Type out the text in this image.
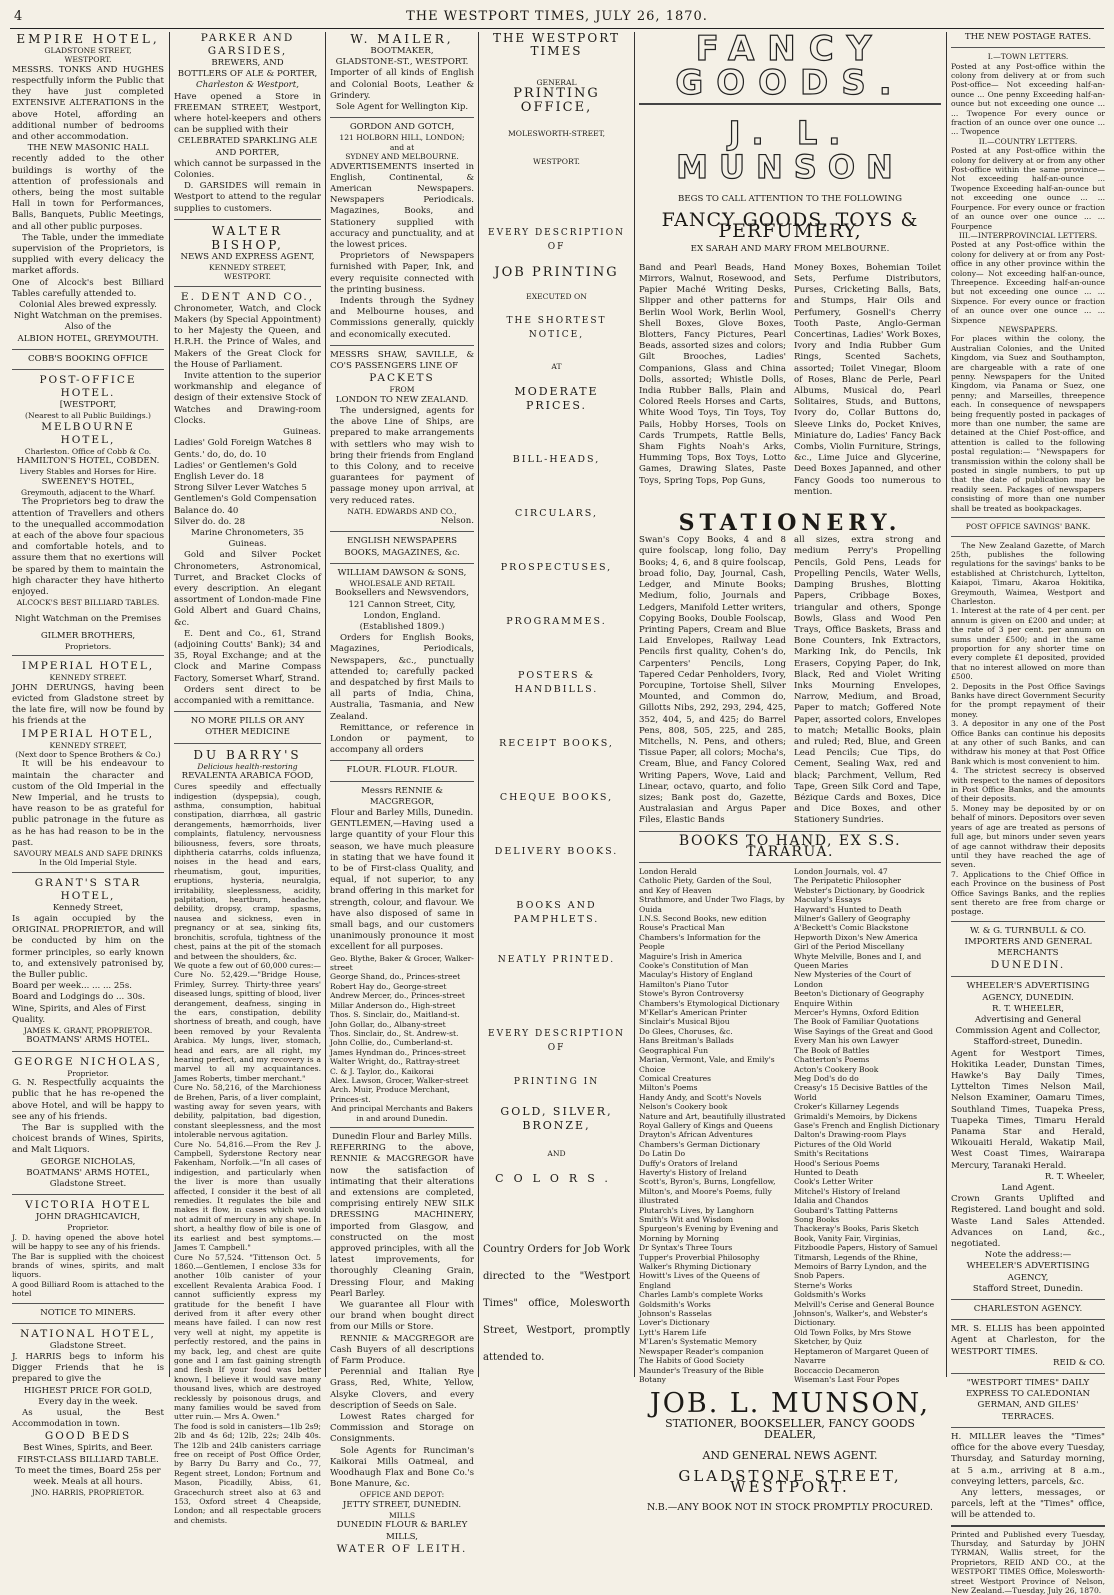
4	THE WESTPORT TIMES, JULY 26, 1870.
EMPIRE HOTEL,
GLADSTONE STREET,
WESTPORT.

MESSRS. TONKS AND HUGHES respectfully inform the Public that they have just completed EXTENSIVE ALTERATIONS in the above Hotel, affording an additional number of bedrooms and other accommodation.

THE NEW MASONIC HALL

recently added to the other buildings is worthy of the attention of professionals and others, being the most suitable Hall in town for Performances, Balls, Banquets, Public Meetings, and all other public purposes.

The Table, under the immediate supervision of the Proprietors, is supplied with every delicacy the market affords.

One of Alcock's best Billiard Tables carefully attended to.

Colonial Ales brewed expressly.
Night Watchman on the premises.
Also of the
ALBION HOTEL, GREYMOUTH.
COBB'S BOOKING OFFICE
POST-OFFICE HOTEL.
[WESTPORT,
(Nearest to all Public Buildings.)
MELBOURNE HOTEL,
Charleston. Office of Cobb & Co.
HAMILTON'S HOTEL, COBDEN.
Livery Stables and Horses for Hire.
SWEENEY'S HOTEL,
Greymouth, adjacent to the Wharf.

The Proprietors beg to draw the attention of Travellers and others to the unequalled accommodation at each of the above four spacious and comfortable hotels, and to assure them that no exertions will be spared by them to maintain the high character they have hitherto enjoyed.

ALCOCK'S BEST BILLIARD TABLES.
Night Watchman on the Premises
GILMER BROTHERS,
Proprietors.
IMPERIAL HOTEL,
KENNEDY STREET.

JOHN DERUNGS, having been evicted from Gladstone street by the late fire, will now be found by his friends at the

IMPERIAL HOTEL,
KENNEDY STREET,
(Next door to Spence Brothers & Co.)

It will be his endeavour to maintain the character and custom of the Old Imperial in the New Imperial, and he trusts to have reason to be as grateful for public patronage in the future as as he has had reason to be in the past.

SAVOURY MEALS AND SAFE DRINKS
In the Old Imperial Style.
GRANT'S STAR HOTEL,
Kennedy Street,

Is again occupied by the ORIGINAL PROPRIETOR, and will be conducted by him on the former principles, so early known to, and extensively patronised by, the Buller public.

Board per week... ... ... 25s.
Board and Lodgings do ... 30s.
Wine, Spirits, and Ales of First Quality.
JAMES K. GRANT, PROPRIETOR.
BOATMANS' ARMS HOTEL.
GEORGE NICHOLAS,
Proprietor.

G. N. Respectfully acquaints the public that he has re-opened the above Hotel, and will be happy to see any of his friends.

The Bar is supplied with the choicest brands of Wines, Spirits, and Malt Liquors.

GEORGE NICHOLAS,
BOATMANS' ARMS HOTEL,
Gladstone Street.
VICTORIA HOTEL
JOHN DRAGHICAVICH,
Proprietor.

J. D. having opened the above hotel will be happy to see any of his friends.

The Bar is supplied with the choicest brands of wines, spirits, and malt liquors.

A good Billiard Room is attached to the hotel

NOTICE TO MINERS.
NATIONAL HOTEL,
Gladstone Street.

J. HARRIS begs to inform his Digger Friends that he is prepared to give the

HIGHEST PRICE FOR GOLD,
Every day in the week.

As usual, the Best Accommodation in town.

GOOD BEDS
Best Wines, Spirits, and Beer.
FIRST-CLASS BILLIARD TABLE.

To meet the times, Board 25s per week. Meals at all hours.

JNO. HARRIS, PROPRIETOR.
PARKER AND GARSIDES,
BREWERS, AND
BOTTLERS OF ALE & PORTER,
Charleston & Westport,

Have opened a Store in FREEMAN STREET, Westport, where hotel-keepers and others can be supplied with their

CELEBRATED SPARKLING ALE AND PORTER,

which cannot be surpassed in the Colonies.

D. GARSIDES will remain in Westport to attend to the regular supplies to customers.

WALTER BISHOP,
NEWS AND EXPRESS AGENT,
KENNEDY STREET,
WESTPORT.
E. DENT AND CO.,

Chronometer, Watch, and Clock Makers (by Special Appointment) to her Majesty the Queen, and H.R.H. the Prince of Wales, and Makers of the Great Clock for the House of Parliament.

Invite attention to the superior workmanship and elegance of design of their extensive Stock of Watches and Drawing-room Clocks.

Guineas.
Ladies' Gold Foreign Watches 8
Gents.' do, do, do. 10
Ladies' or Gentlemen's Gold
English Lever do. 18
Strong Silver Lever Watches 5
Gentlemen's Gold Compensation Balance do. 40
Silver do. do. 28
Marine Chronometers, 35 Guineas.

Gold and Silver Pocket Chronometers, Astronomical, Turret, and Bracket Clocks of every description. An elegant assortment of London-made Fine Gold Albert and Guard Chains, &c.

E. Dent and Co., 61, Strand (adjoining Coutts' Bank); 34 and 35, Royal Exchange; and at the Clock and Marine Compass Factory, Somerset Wharf, Strand.

Orders sent direct to be accompanied with a remittance.

NO MORE PILLS OR ANY OTHER MEDICINE
DU BARRY'S
Delicious health-restoring
REVALENTA ARABICA FOOD,

Cures speedily and effectually indigestion (dyspepsia), cough, asthma, consumption, habitual constipation, diarrhœa, all gastric derangements, hæmorrhoids, liver complaints, flatulency, nervousness biliousness, fevers, sore throats, diphtheria catarrhs, colds influenza, noises in the head and ears, rheumatism, gout, impurities, eruptions, hysteria, neuralgia, irritability, sleeplessness, acidity, palpitation, heartburn, headache, debility, dropsy, cramp, spasms, nausea and sickness, even in pregnancy or at sea, sinking fits, bronchitis, scrofula, tightness of the chest, pains at the pit of the stomach and between the shoulders, &c.

We quote a few out of 60,000 cures:— Cure No. 52,429.—"Bridge House, Frimley, Surrey. Thirty-three years' diseased lungs, spitting of blood, liver derangement, deafness, singing in the ears, constipation, debility shortness of breath, and cough, have been removed by your Revalenta Arabica. My lungs, liver, stomach, head and ears, are all right, my hearing perfect, and my recovery is a marvel to all my acquaintances. James Roberts, timber merchant."

Cure No. 58,216, of the Marchioness de Brehen, Paris, of a liver complaint, wasting away for seven years, with debility, palpitation, bad digestion, constant sleeplessness, and the most intolerable nervous agitation.

Cure No. 54,816.—From the Rev J. Campbell, Syderstone Rectory near Fakenham, Norfolk.—"In all cases of indigestion, and particularly when the liver is more than usually affected, I consider it the best of all remedies. It regulates the bile and makes it flow, in cases which would not admit of mercury in any shape. In short, a healthy flow of bile is one of its earliest and best symptoms.—James T. Campbell."

Cure No 57,524. "Tittenson Oct. 5 1860.—Gentlemen, I enclose 33s for another 10lb canister of your excellent Revalenta Arabica Food. I cannot sufficiently express my gratitude for the benefit I have derived from it after every other means have failed. I can now rest very well at night, my appetite is perfectly restored, and the pains in my back, leg, and chest are quite gone and I am fast gaining strength and flesh If your food was better known, I believe it would save many thousand lives, which are destroyed recklessly by poisonous drugs, and many families would be saved from utter ruin.— Mrs A. Owen."

The food is sold in canisters—1lb 2s9; 2lb and 4s 6d; 12lb, 22s; 24lb 40s. The 12lb and 24lb canisters carriage free on receipt of Post Office Order, by Barry Du Barry and Co., 77, Regent street, London; Fortnum and Mason, Picadilly, Abiss, 61, Gracechurch street also at 63 and 153, Oxford street 4 Cheapside, London; and all respectable grocers and chemists.

W. MAILER,
BOOTMAKER,
GLADSTONE-ST., WESTPORT.

Importer of all kinds of English and Colonial Boots, Leather & Grindery.

Sole Agent for Wellington Kip.
GORDON AND GOTCH,
121 HOLBORN HILL, LONDON;
and at
SYDNEY AND MELBOURNE.

ADVERTISEMENTS inserted in English, Continental, & American Newspapers. Newspapers Periodicals. Magazines, Books, and Stationery supplied with accuracy and punctuality, and at the lowest prices.

Proprietors of Newspapers furnished with Paper, Ink, and every requisite connected with the printing business.

Indents through the Sydney and Melbourne houses, and Commissions generally, quickly and economically executed.

MESSRS SHAW, SAVILLE, & CO'S PASSENGERS LINE OF

PACKETS
FROM
LONDON TO NEW ZEALAND.

The undersigned, agents for the above Line of Ships, are prepared to make arrangements with settlers who may wish to bring their friends from England to this Colony, and to receive guarantees for payment of passage money upon arrival, at very reduced rates.

NATH. EDWARDS AND CO.,
Nelson.
ENGLISH NEWSPAPERS BOOKS, MAGAZINES, &c.
WILLIAM DAWSON & SONS,
WHOLESALE AND RETAIL

Booksellers and Newsvendors, 121 Cannon Street, City, London, England.

(Established 1809.)

Orders for English Books, Magazines, Periodicals, Newspapers, &c., punctually attended to; carefully packed and despatched by first Mails to all parts of India, China, Australia, Tasmania, and New Zealand.

Remittance, or reference in London or payment, to accompany all orders

FLOUR. FLOUR. FLOUR.
Messrs RENNIE & MACGREGOR,
Flour and Barley Mills, Dunedin.

GENTLEMEN,—Having used a large quantity of your Flour this season, we have much pleasure in stating that we have found it to be of First-class Quality, and equal, if not superior, to any brand offering in this market for strength, colour, and flavour. We have also disposed of same in small bags, and our customers unanimously pronounce it most excellent for all purposes.

Geo. Blythe, Baker & Grocer, Walker-street
George Shand, do., Princes-street
Robert Hay do., George-street
Andrew Mercer, do., Princes-street
Millar Anderson do., High-street
Thos. S. Sinclair, do., Maitland-st.
John Gollar, do., Albany-street
Thos. Sinclair, do., St. Andrew-st.
John Collie, do., Cumberland-st.
James Hyndman do., Princes-street
Walter Wright, do., Rattray-street
C. & J. Taylor, do., Kaikorai
Alex. Lawson, Grocer, Walker-street
Arch. Muir, Produce Merchant, Princes-st.
And principal Merchants and Bakers in and around Dunedin.
Dunedin Flour and Barley Mills.

REFERRING to the above, RENNIE & MACGREGOR have now the satisfaction of intimating that their alterations and extensions are completed, comprising entirely NEW SILK DRESSING MACHINERY, imported from Glasgow, and constructed on the most approved principles, with all the latest improvements, for thoroughly Cleaning Grain, Dressing Flour, and Making Pearl Barley.

We guarantee all Flour with our brand when bought direct from our Mills or Store.

RENNIE & MACGREGOR are Cash Buyers of all descriptions of Farm Produce.

Perennial and Italian Rye Grass, Red, White, Yellow, Alsyke Clovers, and every description of Seeds on Sale.

Lowest Rates charged for Commission and Storage on Consignments.

Sole Agents for Runciman's Kaikorai Mills Oatmeal, and Woodhaugh Flax and Bone Co.'s Bone Manure, &c.

OFFICE AND DEPOT:
JETTY STREET, DUNEDIN.
MILLS
DUNEDIN FLOUR & BARLEY MILLS,
WATER OF LEITH.
THE WESTPORT TIMES
GENERAL
PRINTING OFFICE,
MOLESWORTH-STREET,
WESTPORT.
EVERY DESCRIPTION OF
JOB PRINTING
EXECUTED ON
THE SHORTEST NOTICE,
AT
MODERATE PRICES.
BILL-HEADS,
CIRCULARS,
PROSPECTUSES,
PROGRAMMES.
POSTERS & HANDBILLS.
RECEIPT BOOKS,
CHEQUE BOOKS,
DELIVERY BOOKS.
BOOKS AND PAMPHLETS.
NEATLY PRINTED.
EVERY DESCRIPTION OF
PRINTING IN
GOLD, SILVER, BRONZE,
AND
COLORS.

Country Orders for Job Work directed to the "Westport Times" office, Molesworth Street, Westport, promptly attended to.

FANCY GOODS.
J. L. MUNSON
BEGS TO CALL ATTENTION TO THE FOLLOWING
FANCY GOODS, TOYS & PERFUMERY,
EX SARAH AND MARY FROM MELBOURNE.
Band and Pearl Beads, Hand Mirrors, Walnut, Rosewood, and Papier Maché Writing Desks, Slipper and other patterns for Berlin Wool Work, Berlin Wool, Shell Boxes, Glove Boxes, Blotters, Fancy Pictures, Pearl Beads, assorted sizes and colors; Gilt Brooches, Ladies' Companions, Glass and China Dolls, assorted; Whistle Dolls, India Rubber Balls, Plain and Colored Reels Horses and Carts, White Wood Toys, Tin Toys, Toy Pails, Hobby Horses, Tools on Cards Trumpets, Rattle Bells, Sham Fights Noah's Arks, Humming Tops, Box Toys, Lotto Games, Drawing Slates, Paste Toys, Spring Tops, Pop Guns,
Money Boxes, Bohemian Toilet Sets, Perfume Distributors, Purses, Cricketing Balls, Bats, and Stumps, Hair Oils and Perfumery, Gosnell's Cherry Tooth Paste, Anglo-German Concertinas, Ladies' Work Boxes, Ivory and India Rubber Gum Rings, Scented Sachets, assorted; Toilet Vinegar, Bloom of Roses, Blanc de Perle, Pearl Albums, Musical do, Pearl Solitaires, Studs, and Buttons, Ivory do, Collar Buttons do, Sleeve Links do, Pocket Knives, Miniature do, Ladies' Fancy Back Combs, Violin Furniture, Strings, &c., Lime Juice and Glycerine, Deed Boxes Japanned, and other Fancy Goods too numerous to mention.
STATIONERY.
Swan's Copy Books, 4 and 8 quire foolscap, long folio, Day Books; 4, 6, and 8 quire foolscap, broad folio, Day, Journal, Cash, Ledger, and Minute Books; Medium, folio, Journals and Ledgers, Manifold Letter writers, Copying Books, Double Foolscap, Printing Papers, Cream and Blue Laid Envelopes, Railway Lead Pencils first quality, Cohen's do, Carpenters' Pencils, Long Tapered Cedar Penholders, Ivory, Porcupine, Tortoise Shell, Silver Mounted, and Common do, Gillotts Nibs, 292, 293, 294, 425, 352, 404, 5, and 425; do Barrel Pens, 808, 505, 225, and 285, Mitchells, N. Pens, and others; Tissue Paper, all colors; Mocha's, Cream, Blue, and Fancy Colored Writing Papers, Wove, Laid and Linear, octavo, quarto, and folio sizes; Bank post do, Gazette, Australasian and Argus Paper Files, Elastic Bands
all sizes, extra strong and medium Perry's Propelling Pencils, Gold Pens, Leads for Propelling Pencils, Water Wells, Damping Brushes, Blotting Papers, Cribbage Boxes, triangular and others, Sponge Bowls, Glass and Wood Pen Trays, Office Baskets, Brass and Bone Counters, Ink Extractors, Marking Ink, do Pencils, Ink Erasers, Copying Paper, do Ink, Black, Red and Violet Writing Inks Mourning Envelopes, Narrow, Medium, and Broad, Paper to match; Goffered Note Paper, assorted colors, Envelopes to match; Metallic Books, plain and ruled; Red, Blue, and Green Lead Pencils; Cue Tips, do Cement, Sealing Wax, red and black; Parchment, Vellum, Red Tape, Green Silk Cord and Tape, Bézique Cards and Boxes, Dice and Dice Boxes, and other Stationery Sundries.
BOOKS TO HAND, EX S.S. TARARUA.
London Herald
Catholic Piety, Garden of the Soul, and Key of Heaven
Strathmore, and Under Two Flags, by Ouida
I.N.S. Second Books, new edition
Rouse's Practical Man
Chambers's Information for the People
Maguire's Irish in America
Cooke's Constitution of Man
Maculay's History of England
Hamilton's Piano Tutor
Stowe's Byron Controversy
Chambers's Etymological Dictionary
M'Kellar's American Printer
Sinclair's Musical Bijou
Do Glees, Choruses, &c.
Hans Breitman's Ballads
Geographical Fun
Marian, Vermont, Vale, and Emily's Choice
Comical Creatures
Milton's Poems
Handy Andy, and Scott's Novels
Nelson's Cookery book
Nature and Art, beautifully illustrated
Royal Gallery of Kings and Queens
Drayton's African Adventures
Chambers's German Dictionary
Do Latin Do
Duffy's Orators of Ireland
Haverty's History of Ireland
Scott's, Byron's, Burns, Longfellow, Milton's, and Moore's Poems, fully illustrated
Plutarch's Lives, by Langhorn
Smith's Wit and Wisdom
Spurgeon's Evening by Evening and Morning by Morning
Dr Syntax's Three Tours
Tupper's Proverbial Philosophy
Walker's Rhyming Dictionary
Howitt's Lives of the Queens of England
Charles Lamb's complete Works
Goldsmith's Works
Johnson's Rasselas
Lover's Dictionary
Lytt's Harem Life
M'Laren's Systematic Memory
Newspaper Reader's companion
The Habits of Good Society
Maunder's Treasury of the Bible Botany
London Journals, vol. 47
The Peripatetic Philosopher
Webster's Dictionary, by Goodrick
Maculay's Essays
Hayward's Hunted to Death
Milner's Gallery of Geography
A'Beckett's Comic Blackstone
Hepworth Dixon's New America
Girl of the Period Miscellany
Whyte Melville, Bones and I, and Queen Maries
New Mysteries of the Court of London
Beeton's Dictionary of Geography
Enquire Within
Mercer's Hymns, Oxford Edition
The Book of Familiar Quotations
Wise Sayings of the Great and Good
Every Man his own Lawyer
The Book of Battles
Chatterton's Poems
Acton's Cookery Book
Meg Dod's do do
Creasy's 15 Decisive Battles of the World
Croker's Killarney Legends
Grimaldi's Memoirs, by Dickens
Gase's French and English Dictionary
Dalton's Drawing-room Plays
Pictures of the Old World
Smith's Recitations
Hood's Serious Poems
Hunted to Death
Cook's Letter Writer
Mitchel's History of Ireland
Idalia and Chandos
Goubard's Tatting Patterns
Song Books
Thackeray's Books, Paris Sketch Book, Vanity Fair, Virginias, Fitzboodle Papers, History of Samuel Titmarsh, Legends of the Rhine, Memoirs of Barry Lyndon, and the Snob Papers.
Sterne's Works
Goldsmith's Works
Melvill's Cerise and General Bounce
Johnson's, Walker's, and Webster's Dictionary.
Old Town Folks, by Mrs Stowe
Sketcher, by Quiz
Heptameron of Margaret Queen of Navarre
Boccaccio Decameron
Wiseman's Last Four Popes
JOB. L. MUNSON,
STATIONER, BOOKSELLER, FANCY GOODS DEALER,
AND GENERAL NEWS AGENT.
GLADSTONE STREET, WESTPORT.
N.B.—ANY BOOK NOT IN STOCK PROMPTLY PROCURED.
THE NEW POSTAGE RATES.
I.—TOWN LETTERS.

Posted at any Post-office within the colony from delivery at or from such Post-office— Not exceeding half-an-ounce ... One penny Exceeding half-an-ounce but not exceeding one ounce ... ... Twopence For every ounce or fraction of an ounce over one ounce ... ... Twopence

II.—COUNTRY LETTERS.

Posted at any Post-office within the colony for delivery at or from any other Post-office within the same province— Not exceeding half-an-ounce ... Twopence Exceeding half-an-ounce but not exceeding one ounce ... ... Fourpence. For every ounce or fraction of an ounce over one ounce ... ... Fourpence

III.—INTERPROVINCIAL LETTERS.

Posted at any Post-office within the colony for delivery at or from any Post-office in any other province within the colony— Not exceeding half-an-ounce, Threepence. Exceeding half-an-ounce but not exceeding one ounce ... ... Sixpence. For every ounce or fraction of an ounce over one ounce ... ... Sixpence

NEWSPAPERS.

For places within the colony, the Australian Colonies, and the United Kingdom, via Suez and Southampton, are chargeable with a rate of one penny. Newspapers for the United Kingdom, via Panama or Suez, one penny; and Marseilles, threepence each. In consequence of newspapers being frequently posted in packages of more than one number, the same are detained at the Chief Post-office, and attention is called to the following postal regulation:— "Newspapers for transmission within the colony shall be posted in single numbers, to put up that the date of publication may be readily seen. Packages of newspapers consisting of more than one number shall be treated as bookpackages.

POST OFFICE SAVINGS' BANK.

The New Zealand Gazette, of March 25th, publishes the following regulations for the savings' banks to be established at Christchurch, Lyttelton, Kaiapoi, Timaru, Akaroa Hokitika, Greymouth, Waimea, Westport and Charleston.

1. Interest at the rate of 4 per cent. per annum is given on £200 and under; at the rate of 3 per cent. per annum on sums under £500; and in the same proportion for any shorter time on every complete £1 deposited, provided that no interest allowed on more than £500.
2. Deposits in the Post Office Savings Banks have direct Government Security for the prompt repayment of their money.
3. A depositor in any one of the Post Office Banks can continue his deposits at any other of such Banks, and can withdraw his money at that Post Office Bank which is most convenient to him.
4. The strictest secrecy is observed with respect to the names of depositors in Post Office Banks, and the amounts of their deposits.
5. Money may be deposited by or on behalf of minors. Depositors over seven years of age are treated as persons of full age, but minors under seven years of age cannot withdraw their deposits until they have reached the age of seven.
7. Applications to the Chief Office in each Province on the business of Post Office Savings Banks, and the replies sent thereto are free from charge or postage.
W. & G. TURNBULL & CO.
IMPORTERS AND GENERAL
MERCHANTS
DUNEDIN.
WHEELER'S ADVERTISING AGENCY, DUNEDIN.
R. T. WHEELER,
Advertising and General Commission Agent and Collector,
Stafford-street, Dunedin.

Agent for Westport Times, Hokitika Leader, Dunstan Times, Hawke's Bay Daily Times, Lyttelton Times Nelson Mail, Nelson Examiner, Oamaru Times, Southland Times, Tuapeka Press, Tuapeka Times, Timaru Herald Panama Star and Herald, Wikouaiti Herald, Wakatip Mail, West Coast Times, Wairarapa Mercury, Taranaki Herald.

R. T. Wheeler,
Land Agent.

Crown Grants Uplifted and Registered. Land bought and sold. Waste Land Sales Attended. Advances on Land, &c., negotiated.

Note the address:—
WHEELER'S ADVERTISING AGENCY,
Stafford Street, Dunedin.
CHARLESTON AGENCY.

MR. S. ELLIS has been appointed Agent at Charleston, for the WESTPORT TIMES.

REID & CO.
"WESTPORT TIMES" DAILY EXPRESS TO CALEDONIAN GERMAN, AND GILES' TERRACES.

H. MILLER leaves the "Times" office for the above every Tuesday, Thursday, and Saturday morning, at 5 a.m., arriving at 8 a.m., conveying letters, parcels, &c.

Any letters, messages, or parcels, left at the "Times" office, will be attended to.

Printed and Published every Tuesday, Thursday, and Saturday by JOHN TYRMAN, Wallis street, for the Proprietors, REID AND CO., at the WESTPORT TIMES Office, Molesworth-street Westport Province of Nelson, New Zealand.—Tuesday, July 26, 1870.
